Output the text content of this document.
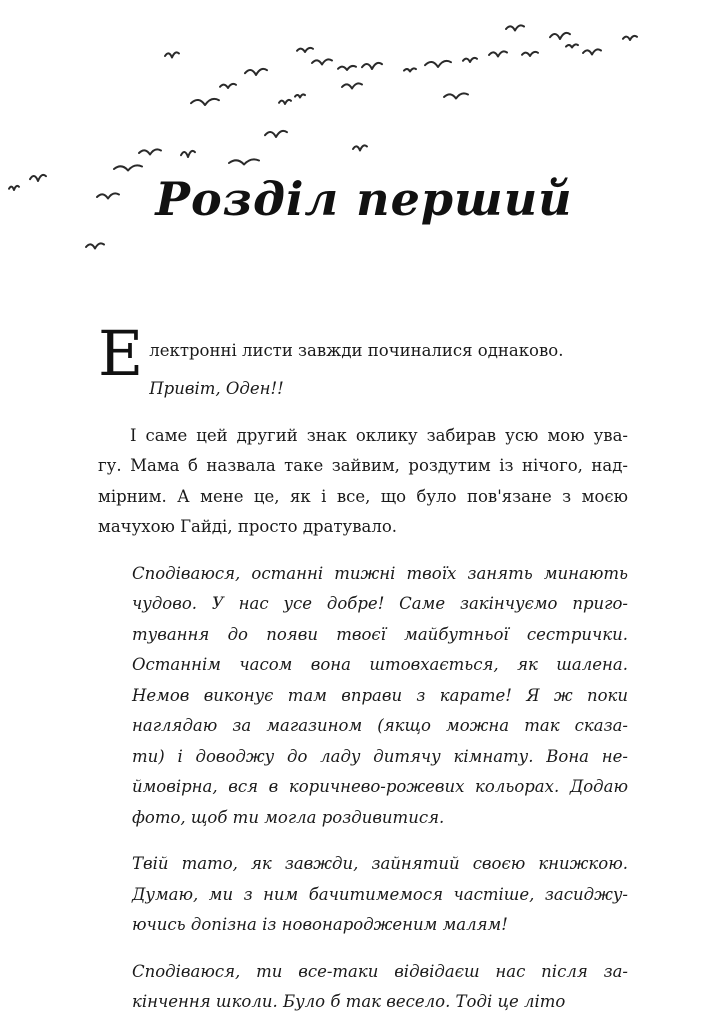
Розділ перший
Е лектронні листи завжди починалися однаково.

Привіт, Оден!!

І самe цей другий знак оклику забирав усю мою ува-
гу. Мама б назвала таке зайвим, роздутим із нічого, над-
мірним. А мене це, як і все, що було пов'язане з моєю
мачухою Гайді, просто дратувало.

Сподіваюся, останні тижні твоїх занять минають
чудово. У нас усе добре! Саме закінчуємо приго-
тування до появи твоєї майбутньої сестрички.
Останнім часом вона штовхається, як шалена.
Немов виконує там вправи з карате! Я ж поки
наглядаю за магазином (якщо можна так сказа-
ти) і доводжу до ладу дитячу кімнату. Вона не-
ймовірна, вся в коричнево-рожевих кольорах. Додаю
фото, щоб ти могла роздивитися.

Твій тато, як завжди, зайнятий своєю книжкою.
Думаю, ми з ним бачитимемося частіше, засиджу-
ючись допізна із новонародженим малям!

Сподіваюся, ти все-таки відвідаєш нас після за-
кінчення школи. Було б так весело. Тоді це літо
